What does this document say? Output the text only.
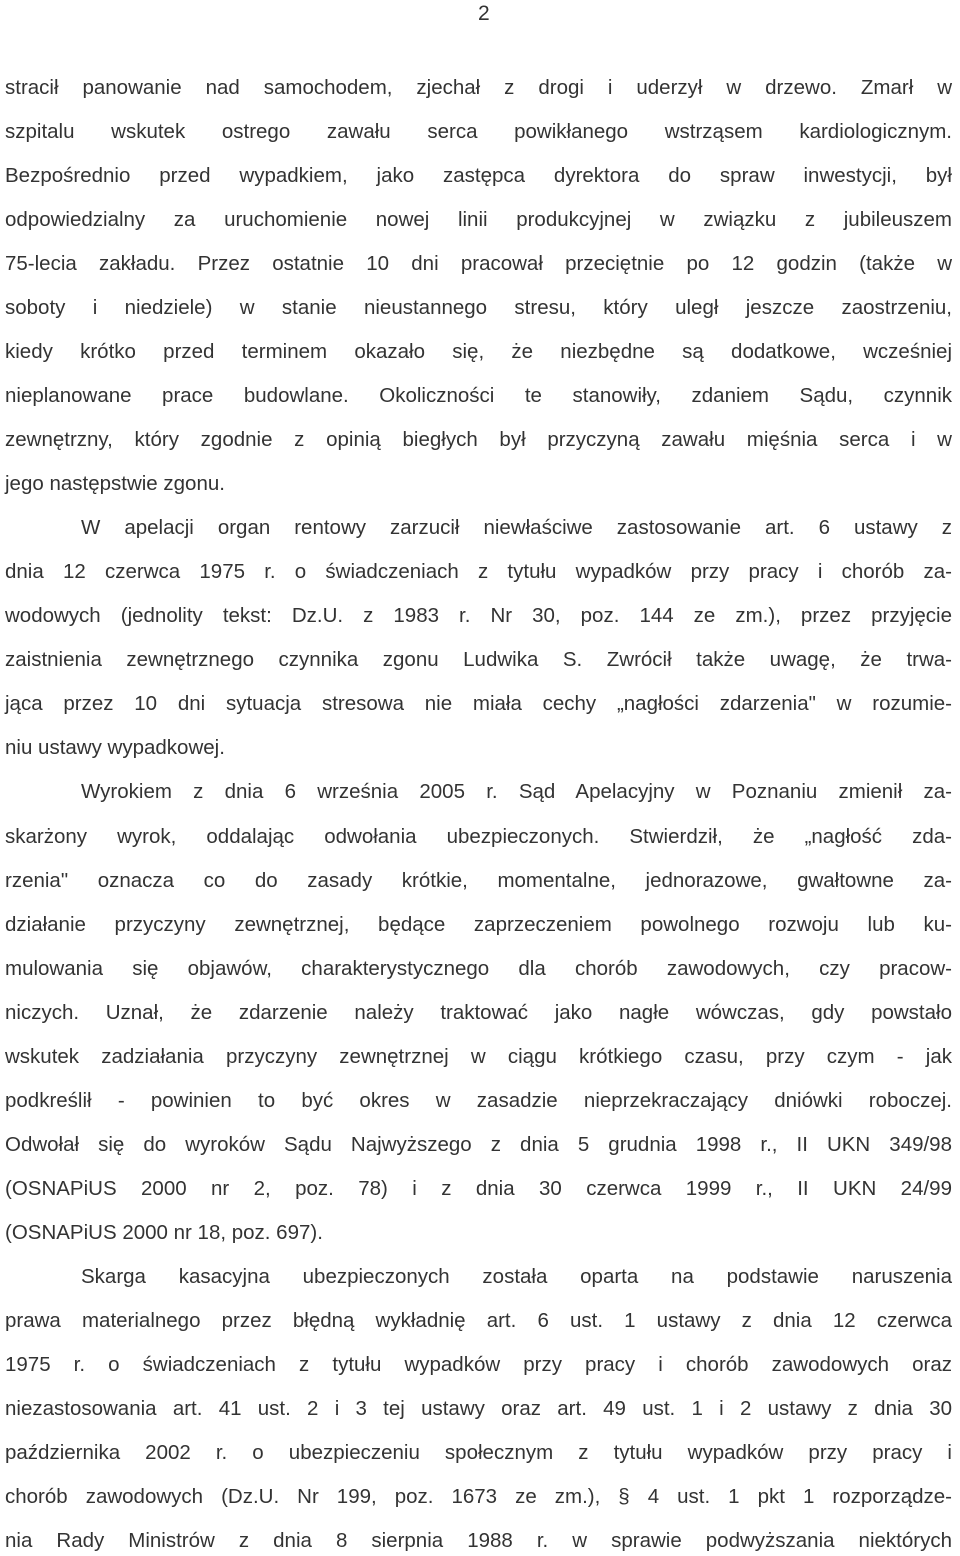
2
stracił panowanie nad samochodem, zjechał z drogi i uderzył w drzewo. Zmarł w
szpitalu wskutek ostrego zawału serca powikłanego wstrząsem kardiologicznym.
Bezpośrednio przed wypadkiem, jako zastępca dyrektora do spraw inwestycji, był
odpowiedzialny za uruchomienie nowej linii produkcyjnej w związku z jubileuszem
75-lecia zakładu. Przez ostatnie 10 dni pracował przeciętnie po 12 godzin (także w
soboty i niedziele) w stanie nieustannego stresu, który uległ jeszcze zaostrzeniu,
kiedy krótko przed terminem okazało się, że niezbędne są dodatkowe, wcześniej
nieplanowane prace budowlane. Okoliczności te stanowiły, zdaniem Sądu, czynnik
zewnętrzny, który zgodnie z opinią biegłych był przyczyną zawału mięśnia serca i w
jego następstwie zgonu.
W apelacji organ rentowy zarzucił niewłaściwe zastosowanie art. 6 ustawy z
dnia 12 czerwca 1975 r. o świadczeniach z tytułu wypadków przy pracy i chorób za-
wodowych (jednolity tekst: Dz.U. z 1983 r. Nr 30, poz. 144 ze zm.), przez przyjęcie
zaistnienia zewnętrznego czynnika zgonu Ludwika S. Zwrócił także uwagę, że trwa-
jąca przez 10 dni sytuacja stresowa nie miała cechy „nagłości zdarzenia" w rozumie-
niu ustawy wypadkowej.
Wyrokiem z dnia 6 września 2005 r. Sąd Apelacyjny w Poznaniu zmienił za-
skarżony wyrok, oddalając odwołania ubezpieczonych. Stwierdził, że „nagłość zda-
rzenia" oznacza co do zasady krótkie, momentalne, jednorazowe, gwałtowne za-
działanie przyczyny zewnętrznej, będące zaprzeczeniem powolnego rozwoju lub ku-
mulowania się objawów, charakterystycznego dla chorób zawodowych, czy pracow-
niczych. Uznał, że zdarzenie należy traktować jako nagłe wówczas, gdy powstało
wskutek zadziałania przyczyny zewnętrznej w ciągu krótkiego czasu, przy czym - jak
podkreślił - powinien to być okres w zasadzie nieprzekraczający dniówki roboczej.
Odwołał się do wyroków Sądu Najwyższego z dnia 5 grudnia 1998 r., II UKN 349/98
(OSNAPiUS 2000 nr 2, poz. 78) i z dnia 30 czerwca 1999 r., II UKN 24/99
(OSNAPiUS 2000 nr 18, poz. 697).
Skarga kasacyjna ubezpieczonych została oparta na podstawie naruszenia
prawa materialnego przez błędną wykładnię art. 6 ust. 1 ustawy z dnia 12 czerwca
1975 r. o świadczeniach z tytułu wypadków przy pracy i chorób zawodowych oraz
niezastosowania art. 41 ust. 2 i 3 tej ustawy oraz art. 49 ust. 1 i 2 ustawy z dnia 30
października 2002 r. o ubezpieczeniu społecznym z tytułu wypadków przy pracy i
chorób zawodowych (Dz.U. Nr 199, poz. 1673 ze zm.), § 4 ust. 1 pkt 1 rozporządze-
nia Rady Ministrów z dnia 8 sierpnia 1988 r. w sprawie podwyższania niektórych
